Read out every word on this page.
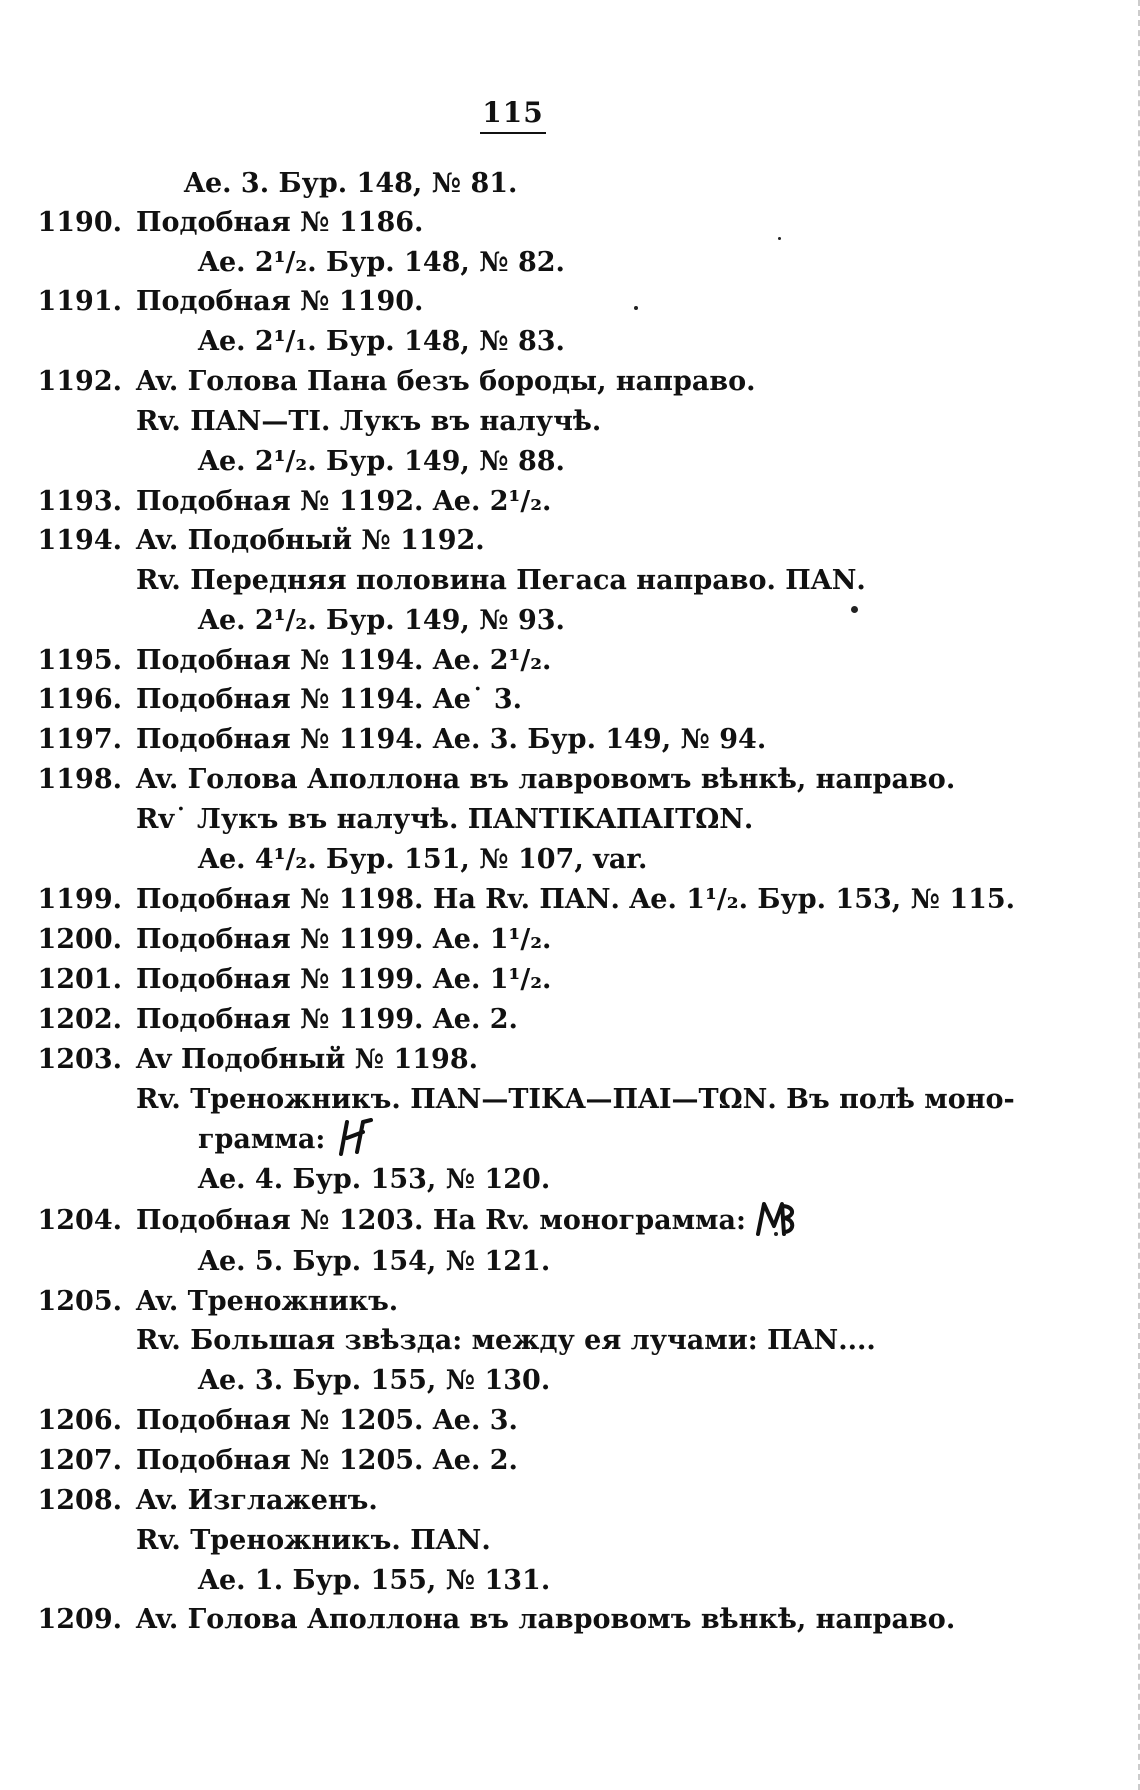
115
Ae. 3. Бур. 148, № 81.
1190. Подобная № 1186.
Ae. 2¹/₂. Бур. 148, № 82.
1191. Подобная № 1190.
Ae. 2¹/₁. Бур. 148, № 83.
1192. Av. Голова Пана безъ бороды, направо.
Rv. ΠΑΝ—ΤΙ. Лукъ въ налучѣ.
Ae. 2¹/₂. Бур. 149, № 88.
1193. Подобная № 1192. Ae. 2¹/₂.
1194. Av. Подобный № 1192.
Rv. Передняя половина Пегаса направо. ΠΑΝ.
Ae. 2¹/₂. Бур. 149, № 93.
1195. Подобная № 1194. Ae. 2¹/₂.
1196. Подобная № 1194. Ae˙ 3.
1197. Подобная № 1194. Ae. 3. Бур. 149, № 94.
1198. Av. Голова Аполлона въ лавровомъ вѣнкѣ, направо.
Rv˙ Лукъ въ налучѣ. ΠΑΝΤΙΚΑΠΑΙΤΩΝ.
Ae. 4¹/₂. Бур. 151, № 107, var.
1199. Подобная № 1198. На Rv. ΠΑΝ. Ae. 1¹/₂. Бур. 153, № 115.
1200. Подобная № 1199. Ae. 1¹/₂.
1201. Подобная № 1199. Ae. 1¹/₂.
1202. Подобная № 1199. Ae. 2.
1203. Av Подобный № 1198.
Rv. Треножникъ. ΠΑΝ—ΤΙΚΑ—ΠΑΙ—ΤΩΝ. Въ полѣ моно-
грамма:
Ae. 4. Бур. 153, № 120.
1204. Подобная № 1203. На Rv. монограмма:
Ae. 5. Бур. 154, № 121.
1205. Av. Треножникъ.
Rv. Большая звѣзда: между ея лучами: ΠΑΝ....
Ae. 3. Бур. 155, № 130.
1206. Подобная № 1205. Ae. 3.
1207. Подобная № 1205. Ae. 2.
1208. Av. Изглаженъ.
Rv. Треножникъ. ΠΑΝ.
Ae. 1. Бур. 155, № 131.
1209. Av. Голова Аполлона въ лавровомъ вѣнкѣ, направо.
